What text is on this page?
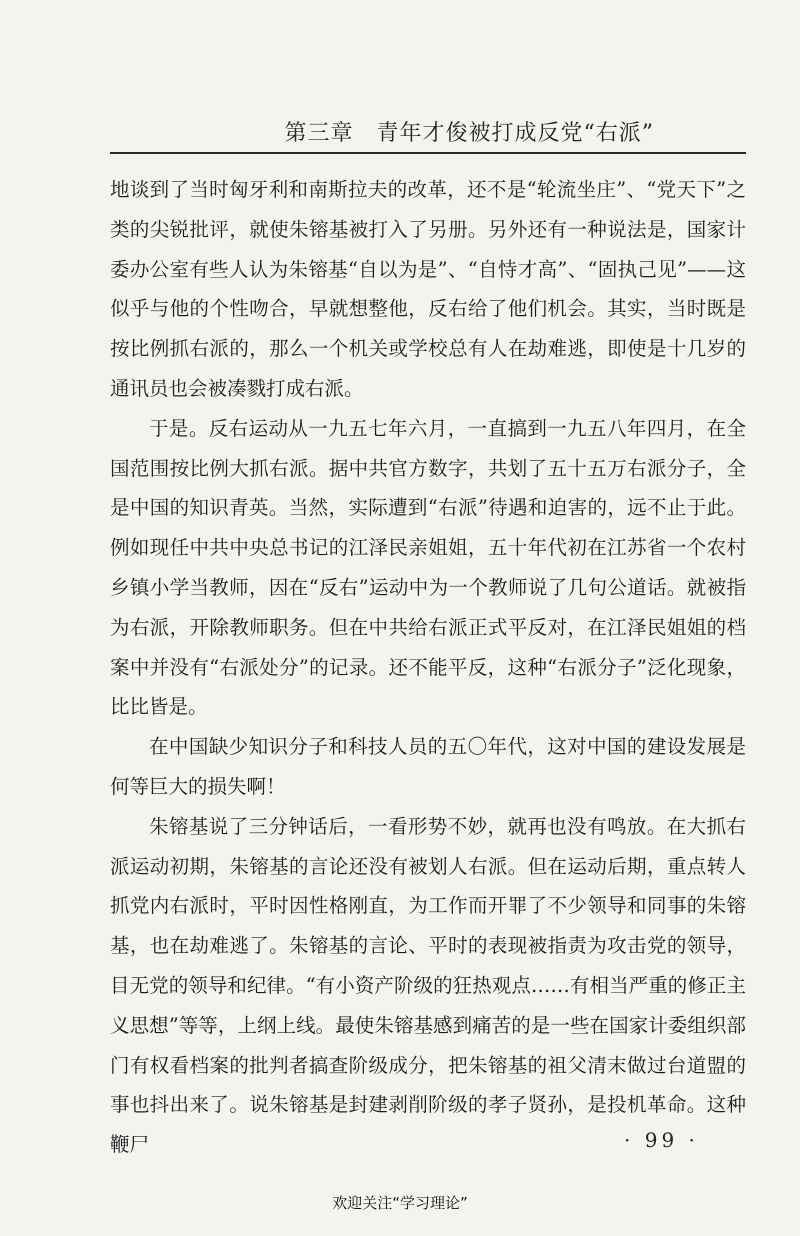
第三章　青年才俊被打成反党“右派”

地谈到了当时匈牙利和南斯拉夫的改革，还不是“轮流坐庄”、“党天下”之类的尖锐批评，就使朱镕基被打入了另册。另外还有一种说法是，国家计委办公室有些人认为朱镕基“自以为是”、“自恃才高”、“固执己见”——这似乎与他的个性吻合，早就想整他，反右给了他们机会。其实，当时既是按比例抓右派的，那么一个机关或学校总有人在劫难逃，即使是十几岁的通讯员也会被凑戮打成右派。

于是。反右运动从一九五七年六月，一直搞到一九五八年四月，在全国范围按比例大抓右派。据中共官方数字，共划了五十五万右派分子，全是中国的知识青英。当然，实际遭到“右派”待遇和迫害的，远不止于此。例如现任中共中央总书记的江泽民亲姐姐，五十年代初在江苏省一个农村乡镇小学当教师，因在“反右”运动中为一个教师说了几句公道话。就被指为右派，开除教师职务。但在中共给右派正式平反对，在江泽民姐姐的档案中并没有“右派处分”的记录。还不能平反，这种“右派分子”泛化现象，比比皆是。

在中国缺少知识分子和科技人员的五〇年代，这对中国的建设发展是何等巨大的损失啊！

朱镕基说了三分钟话后，一看形势不妙，就再也没有鸣放。在大抓右派运动初期，朱镕基的言论还没有被划人右派。但在运动后期，重点转人抓党内右派时，平时因性格刚直，为工作而开罪了不少领导和同事的朱镕基，也在劫难逃了。朱镕基的言论、平时的表现被指责为攻击党的领导，目无党的领导和纪律。“有小资产阶级的狂热观点……有相当严重的修正主义思想”等等，上纲上线。最使朱镕基感到痛苦的是一些在国家计委组织部门有权看档案的批判者搞查阶级成分，把朱镕基的祖父清末做过台道盟的事也抖出来了。说朱镕基是封建剥削阶级的孝子贤孙，是投机革命。这种鞭尸	· 99 ·
欢迎关注“学习理论”
